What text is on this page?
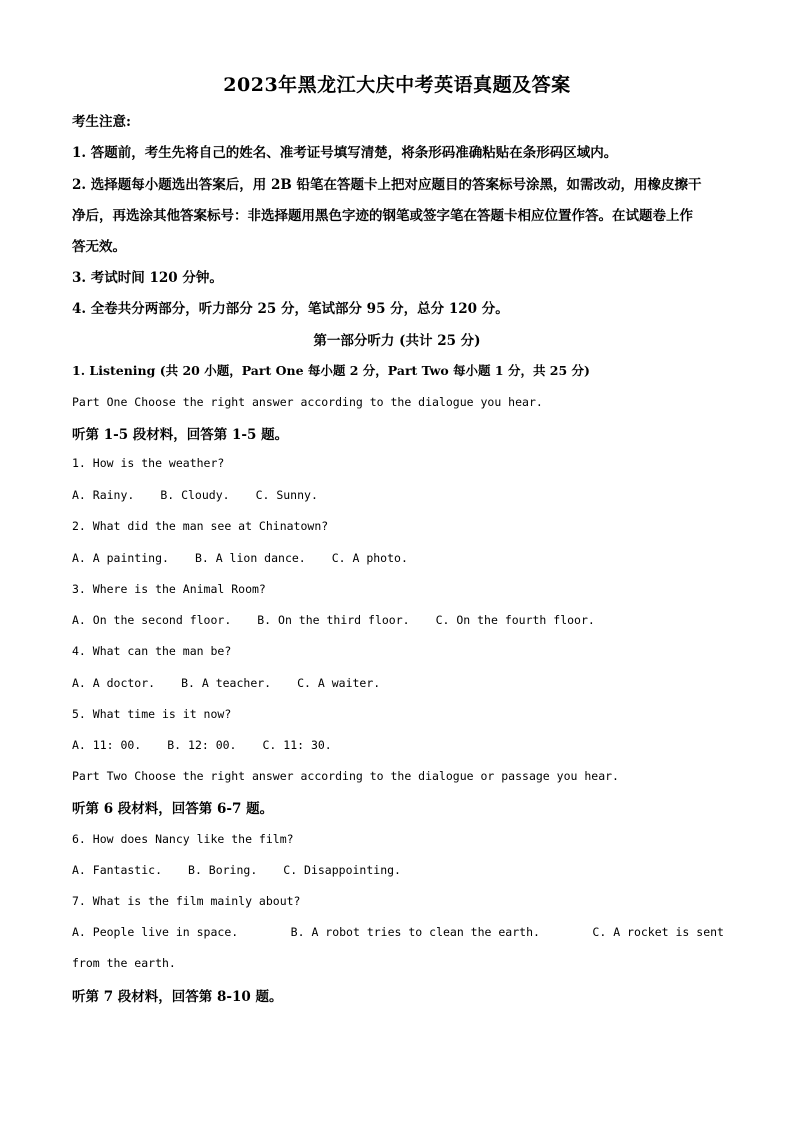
2023年黑龙江大庆中考英语真题及答案
考生注意:
1. 答题前，考生先将自己的姓名、准考证号填写清楚，将条形码准确粘贴在条形码区域内。
2. 选择题每小题选出答案后，用 2B 铅笔在答题卡上把对应题目的答案标号涂黑，如需改动，用橡皮擦干
净后，再选涂其他答案标号：非选择题用黑色字迹的钢笔或签字笔在答题卡相应位置作答。在试题卷上作
答无效。
3. 考试时间 120 分钟。
4. 全卷共分两部分，听力部分 25 分，笔试部分 95 分，总分 120 分。
第一部分听力 (共计 25 分)
1. Listening (共 20 小题，Part One 每小题 2 分，Part Two 每小题 1 分，共 25 分)
Part One Choose the right answer according to the dialogue you hear.
听第 1-5 段材料，回答第 1-5 题。
1. How is the weather?
A. Rainy. B. Cloudy. C. Sunny.
2. What did the man see at Chinatown?
A. A painting. B. A lion dance. C. A photo.
3. Where is the Animal Room?
A. On the second floor. B. On the third floor. C. On the fourth floor.
4. What can the man be?
A. A doctor. B. A teacher. C. A waiter.
5. What time is it now?
A. 11: 00. B. 12: 00. C. 11: 30.
Part Two Choose the right answer according to the dialogue or passage you hear.
听第 6 段材料，回答第 6-7 题。
6. How does Nancy like the film?
A. Fantastic. B. Boring. C. Disappointing.
7. What is the film mainly about?
A. People live in space.	B. A robot tries to clean the earth.	C. A rocket is sent
from the earth.
听第 7 段材料，回答第 8-10 题。
